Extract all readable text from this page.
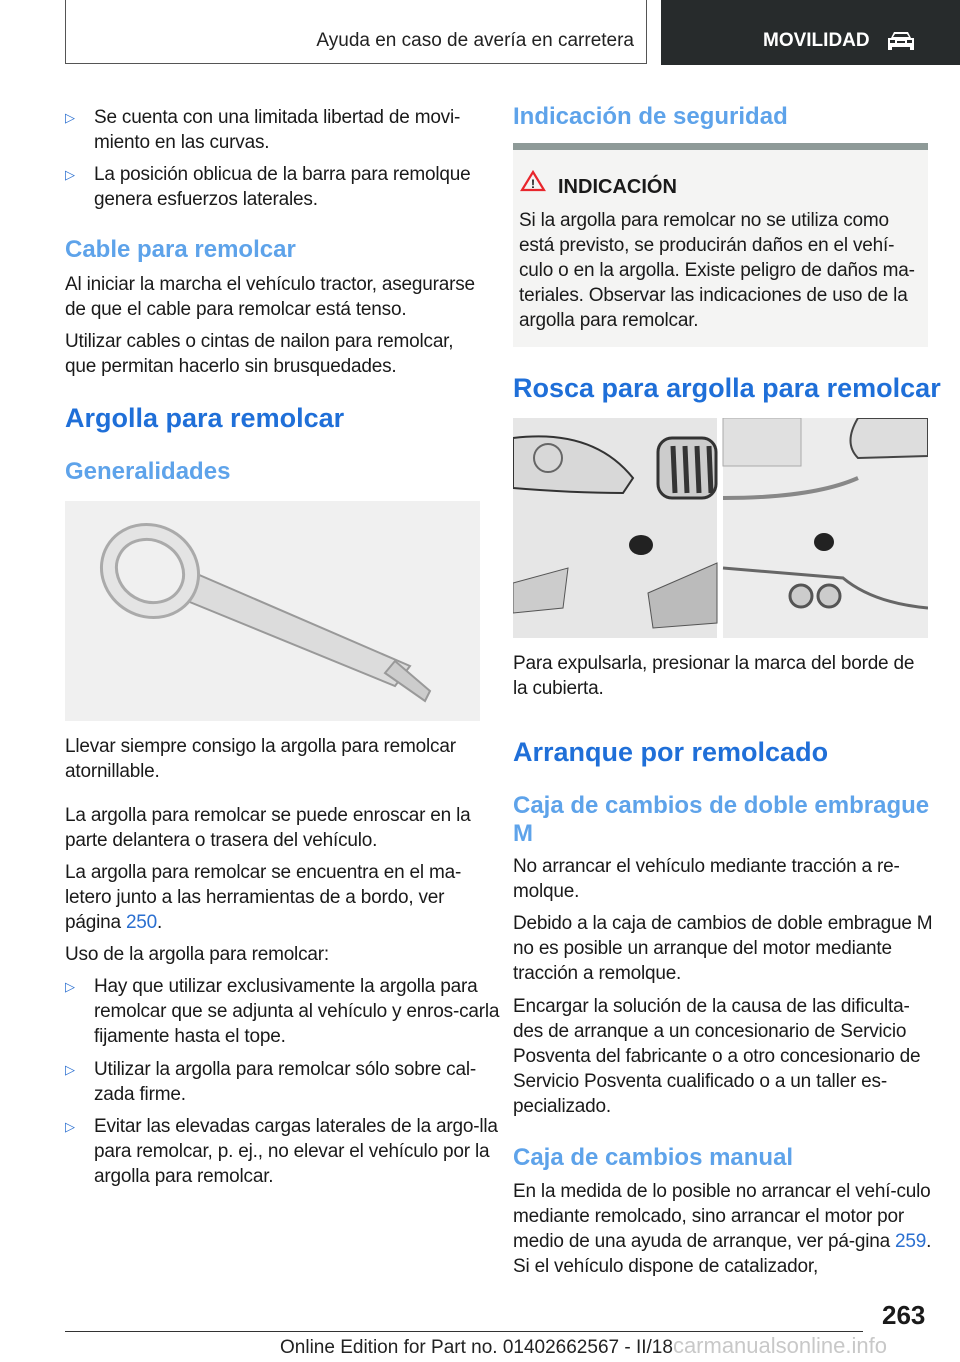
Ayuda en caso de avería en carretera	MOVILIDAD
▷ Se cuenta con una limitada libertad de movi-miento en las curvas.
▷ La posición oblicua de la barra para remolque genera esfuerzos laterales.
Cable para remolcar
Al iniciar la marcha el vehículo tractor, asegurarse de que el cable para remolcar está tenso.
Utilizar cables o cintas de nailon para remolcar, que permitan hacerlo sin brusquedades.
Argolla para remolcar
Generalidades
Llevar siempre consigo la argolla para remolcar atornillable.
La argolla para remolcar se puede enroscar en la parte delantera o trasera del vehículo.
La argolla para remolcar se encuentra en el ma-letero junto a las herramientas de a bordo, ver página 250.
Uso de la argolla para remolcar:
▷ Hay que utilizar exclusivamente la argolla para remolcar que se adjunta al vehículo y enros-carla fijamente hasta el tope.
▷ Utilizar la argolla para remolcar sólo sobre cal-zada firme.
▷ Evitar las elevadas cargas laterales de la argo-lla para remolcar, p. ej., no elevar el vehículo por la argolla para remolcar.
Indicación de seguridad
! INDICACIÓN
Si la argolla para remolcar no se utiliza como está previsto, se producirán daños en el vehí-culo o en la argolla. Existe peligro de daños ma-teriales. Observar las indicaciones de uso de la argolla para remolcar.
Rosca para argolla para remolcar
Para expulsarla, presionar la marca del borde de la cubierta.
Arranque por remolcado
Caja de cambios de doble embrague M
No arrancar el vehículo mediante tracción a re-molque.
Debido a la caja de cambios de doble embrague M no es posible un arranque del motor mediante tracción a remolque.
Encargar la solución de la causa de las dificulta-des de arranque a un concesionario de Servicio Posventa del fabricante o a otro concesionario de Servicio Posventa cualificado o a un taller es-pecializado.
Caja de cambios manual
En la medida de lo posible no arrancar el vehí-culo mediante remolcado, sino arrancar el motor por medio de una ayuda de arranque, ver pá-gina 259. Si el vehículo dispone de catalizador,
263
Online Edition for Part no. 01402662567 - II/18carmanualsonline.info
